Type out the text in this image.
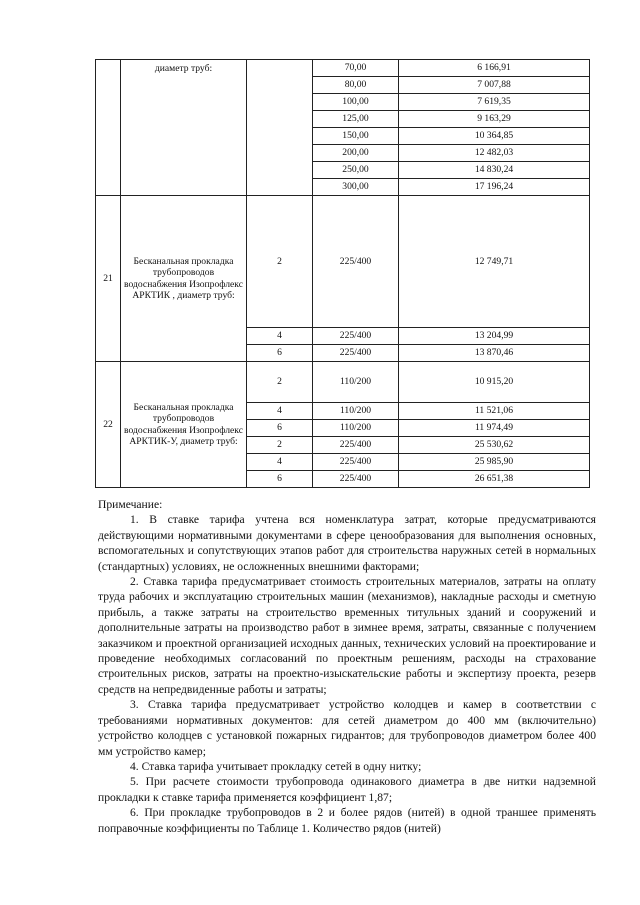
	диаметр труб:		70,00	6 166,91
			80,00	7 007,88
			100,00	7 619,35
			125,00	9 163,29
			150,00	10 364,85
			200,00	12 482,03
			250,00	14 830,24
			300,00	17 196,24
21	Бесканальная прокладка трубопроводов водоснабжения Изопрофлекс АРКТИК , диаметр труб:	2	225/400	12 749,71
		4	225/400	13 204,99
		6	225/400	13 870,46
22	Бесканальная прокладка трубопроводов водоснабжения Изопрофлекс АРКТИК-У, диаметр труб:	2	110/200	10 915,20
		4	110/200	11 521,06
		6	110/200	11 974,49
		2	225/400	25 530,62
		4	225/400	25 985,90
		6	225/400	26 651,38
Примечание:

1. В ставке тарифа учтена вся номенклатура затрат, которые предусматриваются действующими нормативными документами в сфере ценообразования для выполнения основных, вспомогательных и сопутствующих этапов работ для строительства наружных сетей в нормальных (стандартных) условиях, не осложненных внешними факторами;

2. Ставка тарифа предусматривает стоимость строительных материалов, затраты на оплату труда рабочих и эксплуатацию строительных машин (механизмов), накладные расходы и сметную прибыль, а также затраты на строительство временных титульных зданий и сооружений и дополнительные затраты на производство работ в зимнее время, затраты, связанные с получением заказчиком и проектной организацией исходных данных, технических условий на проектирование и проведение необходимых согласований по проектным решениям, расходы на страхование строительных рисков, затраты на проектно-изыскательские работы и экспертизу проекта, резерв средств на непредвиденные работы и затраты;

3. Ставка тарифа предусматривает устройство колодцев и камер в соответствии с требованиями нормативных документов: для сетей диаметром до 400 мм (включительно) устройство колодцев с установкой пожарных гидрантов; для трубопроводов диаметром более 400 мм устройство камер;

4. Ставка тарифа учитывает прокладку сетей в одну нитку;

5. При расчете стоимости трубопровода одинакового диаметра в две нитки надземной прокладки к ставке тарифа применяется коэффициент 1,87;

6. При прокладке трубопроводов в 2 и более рядов (нитей) в одной траншее применять поправочные коэффициенты по Таблице 1. Количество рядов (нитей)
